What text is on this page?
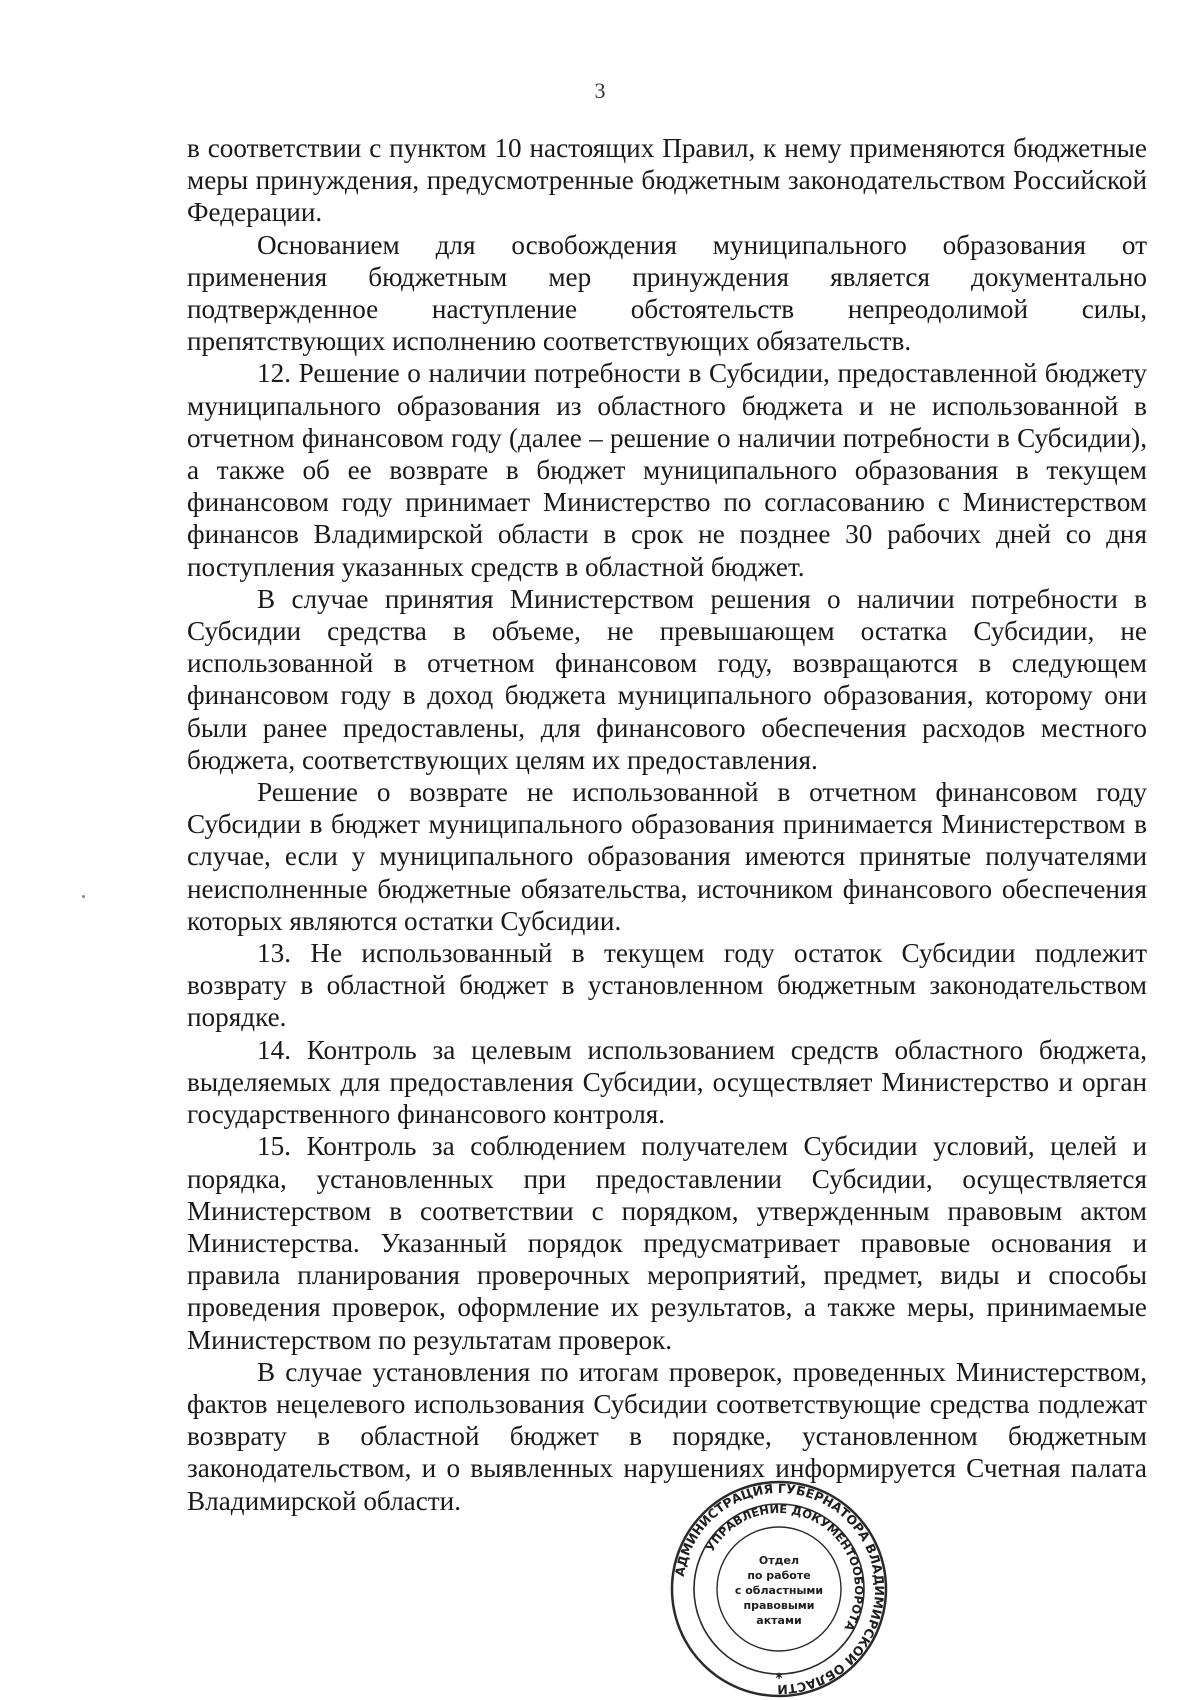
3

в соответствии с пунктом 10 настоящих Правил, к нему применяются бюджетные меры принуждения, предусмотренные бюджетным законодательством Российской Федерации.

Основанием для освобождения муниципального образования от применения бюджетным мер принуждения является документально подтвержденное наступление обстоятельств непреодолимой силы, препятствующих исполнению соответствующих обязательств.

12. Решение о наличии потребности в Субсидии, предоставленной бюджету муниципального образования из областного бюджета и не использованной в отчетном финансовом году (далее – решение о наличии потребности в Субсидии), а также об ее возврате в бюджет муниципального образования в текущем финансовом году принимает Министерство по согласованию с Министерством финансов Владимирской области в срок не позднее 30 рабочих дней со дня поступления указанных средств в областной бюджет.

В случае принятия Министерством решения о наличии потребности в Субсидии средства в объеме, не превышающем остатка Субсидии, не использованной в отчетном финансовом году, возвращаются в следующем финансовом году в доход бюджета муниципального образования, которому они были ранее предоставлены, для финансового обеспечения расходов местного бюджета, соответствующих целям их предоставления.

Решение о возврате не использованной в отчетном финансовом году Субсидии в бюджет муниципального образования принимается Министерством в случае, если у муниципального образования имеются принятые получателями неисполненные бюджетные обязательства, источником финансового обеспечения которых являются остатки Субсидии.

13. Не использованный в текущем году остаток Субсидии подлежит возврату в областной бюджет в установленном бюджетным законодательством порядке.

14. Контроль за целевым использованием средств областного бюджета, выделяемых для предоставления Субсидии, осуществляет Министерство и орган государственного финансового контроля.

15. Контроль за соблюдением получателем Субсидии условий, целей и порядка, установленных при предоставлении Субсидии, осуществляется Министерством в соответствии с порядком, утвержденным правовым актом Министерства. Указанный порядок предусматривает правовые основания и правила планирования проверочных мероприятий, предмет, виды и способы проведения проверок, оформление их результатов, а также меры, принимаемые Министерством по результатам проверок.

В случае установления по итогам проверок, проведенных Министерством, фактов нецелевого использования Субсидии соответствующие средства подлежат возврату в областной бюджет в порядке, установленном бюджетным законодательством, и о выявленных нарушениях информируется Счетная палата Владимирской области.

АДМИНИСТРАЦИЯ ГУБЕРНАТОРА ВЛАДИМИРСКОЙ ОБЛАСТИ
УПРАВЛЕНИЕ ДОКУМЕНТООБОРОТА
Отдел
по работе
с областными
правовыми
актами
*
